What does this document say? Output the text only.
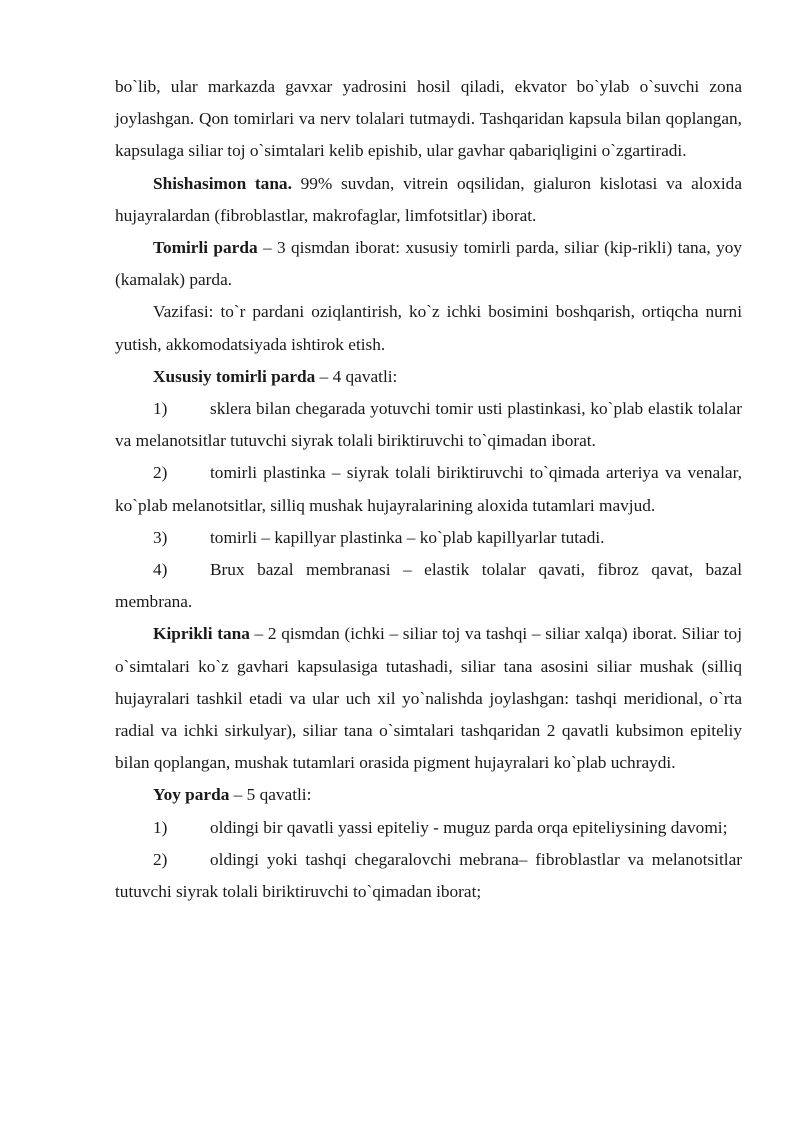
bo`lib, ular markazda gavxar yadrosini hosil qiladi, ekvator bo`ylab o`suvchi zona joylashgan. Qon tomirlari va nerv tolalari tutmaydi. Tashqaridan kapsula bilan qoplangan, kapsulaga siliar toj o`simtalari kelib epishib, ular gavhar qabariqligini o`zgartiradi.

Shishasimon tana. 99% suvdan, vitrein oqsilidan, gialuron kislotasi va aloxida hujayralardan (fibroblastlar, makrofaglar, limfotsitlar) iborat.

Tomirli parda – 3 qismdan iborat: xususiy tomirli parda, siliar (kip-rikli) tana, yoy (kamalak) parda.

Vazifasi: to`r pardani oziqlantirish, ko`z ichki bosimini boshqarish, ortiqcha nurni yutish, akkomodatsiyada ishtirok etish.

Xususiy tomirli parda – 4 qavatli:

1) sklera bilan chegarada yotuvchi tomir usti plastinkasi, ko`plab elastik tolalar va melanotsitlar tutuvchi siyrak tolali biriktiruvchi to`qimadan iborat.

2) tomirli plastinka – siyrak tolali biriktiruvchi to`qimada arteriya va venalar, ko`plab melanotsitlar, silliq mushak hujayralarining aloxida tutamlari mavjud.

3) tomirli – kapillyar plastinka – ko`plab kapillyarlar tutadi.

4) Brux bazal membranasi – elastik tolalar qavati, fibroz qavat, bazal membrana.

Kiprikli tana – 2 qismdan (ichki – siliar toj va tashqi – siliar xalqa) iborat. Siliar toj o`simtalari ko`z gavhari kapsulasiga tutashadi, siliar tana asosini siliar mushak (silliq hujayralari tashkil etadi va ular uch xil yo`nalishda joylashgan: tashqi meridional, o`rta radial va ichki sirkulyar), siliar tana o`simtalari tashqaridan 2 qavatli kubsimon epiteliy bilan qoplangan, mushak tutamlari orasida pigment hujayralari ko`plab uchraydi.

Yoy parda – 5 qavatli:

1) oldingi bir qavatli yassi epiteliy - muguz parda orqa epiteliysining davomi;

2) oldingi yoki tashqi chegaralovchi mebrana– fibroblastlar va melanotsitlar tutuvchi siyrak tolali biriktiruvchi to`qimadan iborat;
